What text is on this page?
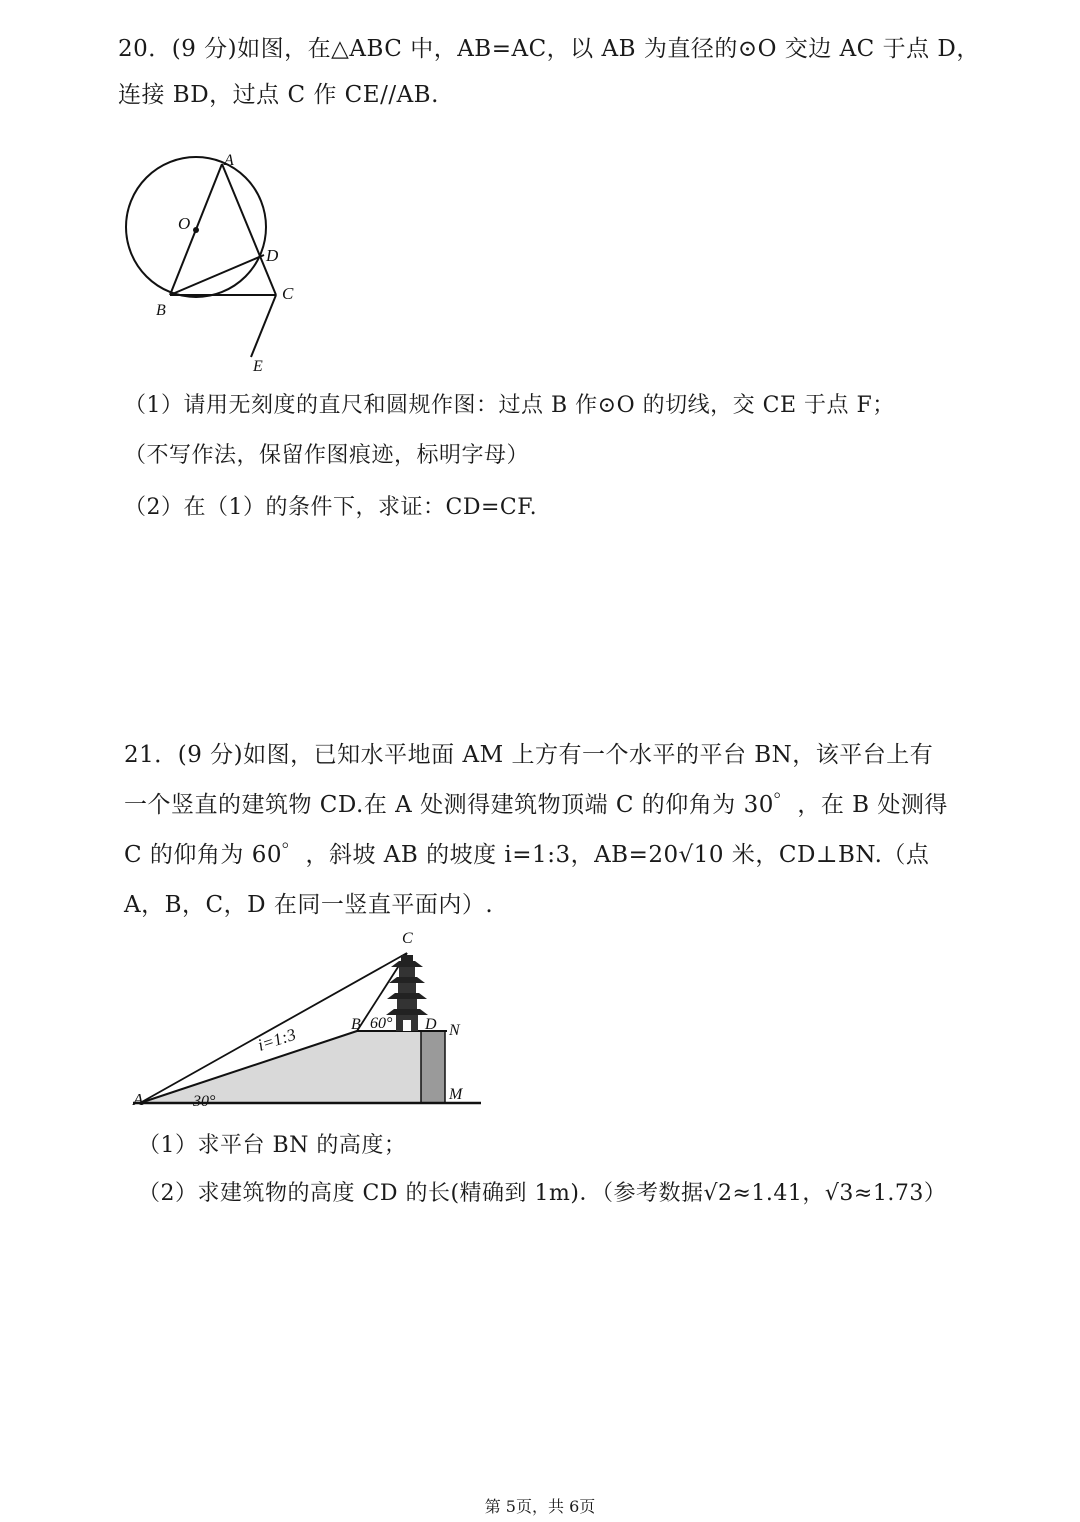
20．(9 分)如图，在△ABC 中，AB=AC，以 AB 为直径的⊙O 交边 AC 于点 D，
连接 BD，过点 C 作 CE//AB.
A
O
D
B
C
E
（1）请用无刻度的直尺和圆规作图：过点 B 作⊙O 的切线，交 CE 于点 F；
（不写作法，保留作图痕迹，标明字母）
（2）在（1）的条件下，求证：CD=CF.
21．(9 分)如图，已知水平地面 AM 上方有一个水平的平台 BN，该平台上有
一个竖直的建筑物 CD.在 A 处测得建筑物顶端 C 的仰角为 30゜，在 B 处测得
C 的仰角为 60゜，斜坡 AB 的坡度 i=1:3，AB=20√10 米，CD⊥BN.（点
A，B，C，D 在同一竖直平面内）.
C
B 60° D N
i=1:3
A	30°	M
（1）求平台 BN 的高度；
（2）求建筑物的高度 CD 的长(精确到 1m)．（参考数据√2≈1.41，√3≈1.73）
第 5页，共 6页
